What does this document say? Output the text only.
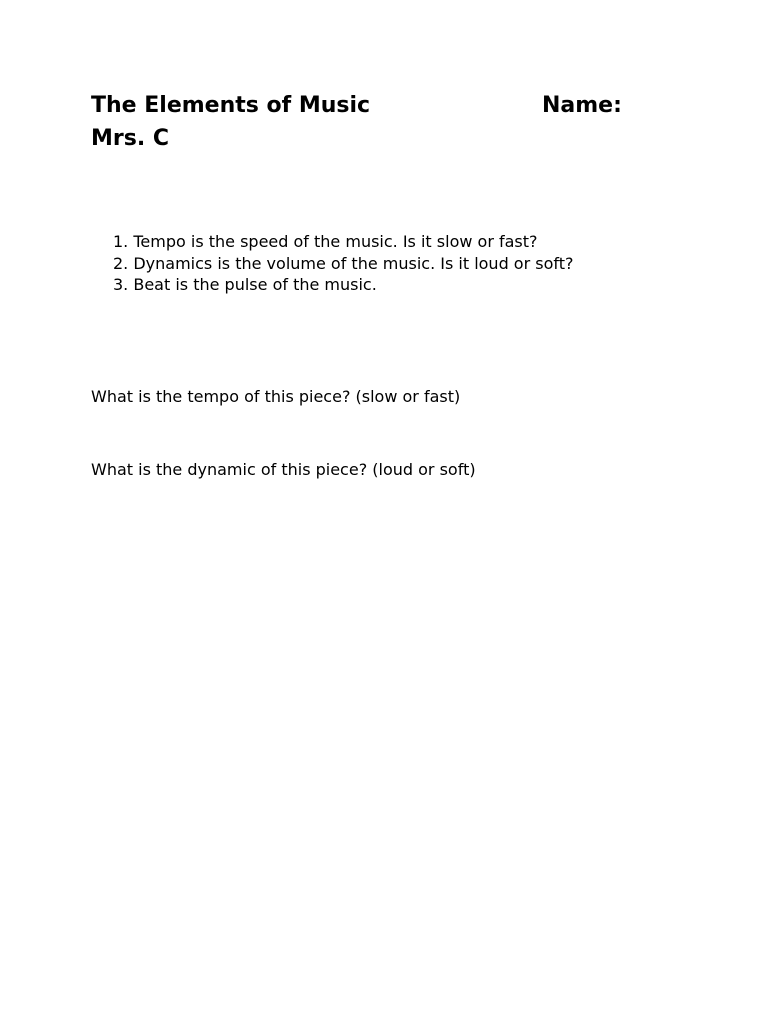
The Elements of Music	Name:
Mrs. C
1. Tempo is the speed of the music. Is it slow or fast?
2. Dynamics is the volume of the music. Is it loud or soft?
3. Beat is the pulse of the music.
What is the tempo of this piece? (slow or fast)
What is the dynamic of this piece? (loud or soft)
